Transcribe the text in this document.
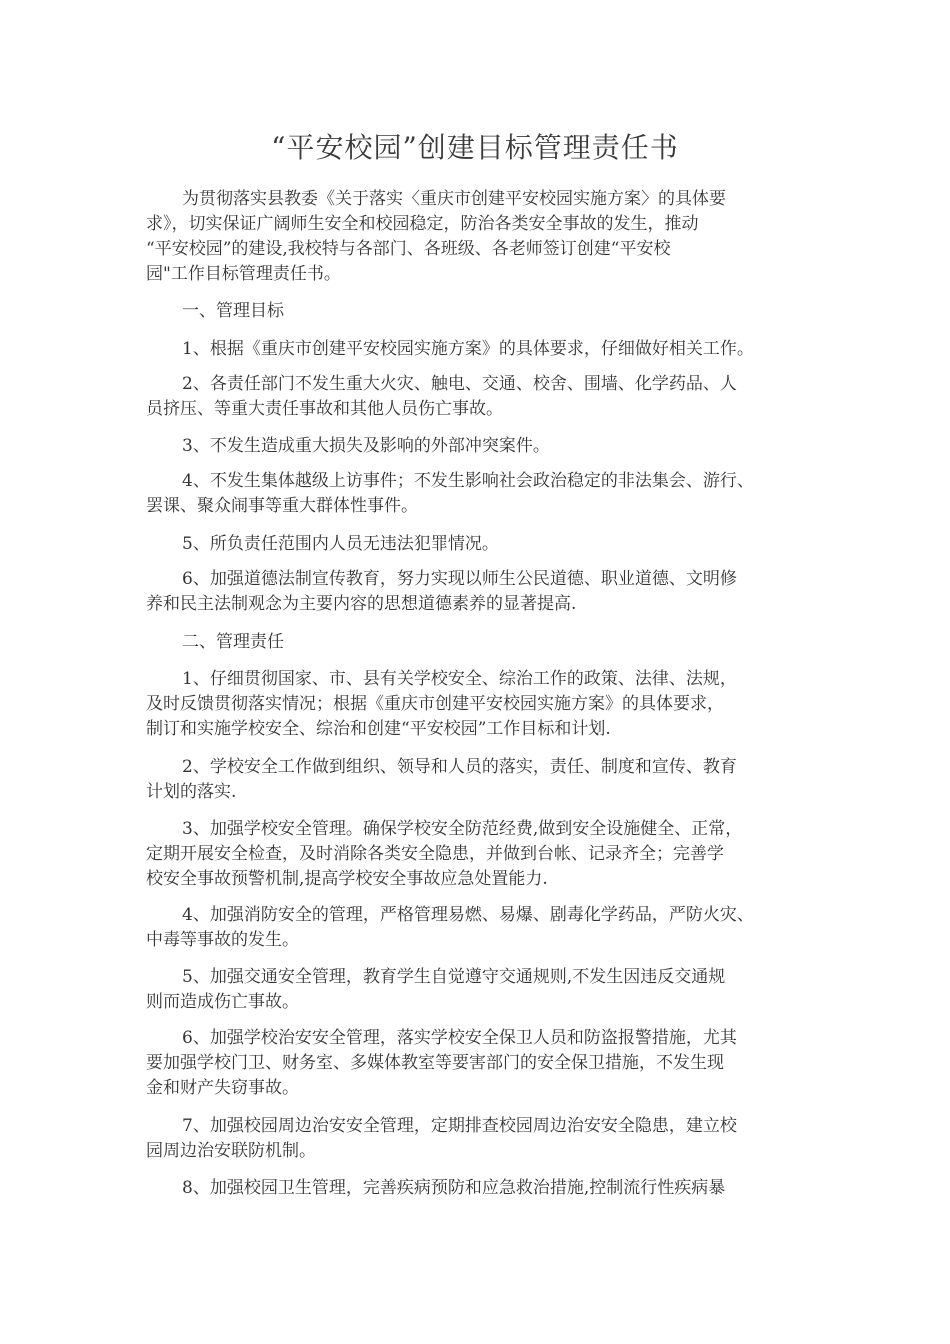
“平安校园”创建目标管理责任书
为贯彻落实县教委《关于落实〈重庆市创建平安校园实施方案〉的具体要
求》，切实保证广阔师生安全和校园稳定，防治各类安全事故的发生，推动
“平安校园”的建设,我校特与各部门、各班级、各老师签订创建“平安校
园"工作目标管理责任书。
一、管理目标
1、根据《重庆市创建平安校园实施方案》的具体要求，仔细做好相关工作。
2、各责任部门不发生重大火灾、触电、交通、校舍、围墙、化学药品、人
员挤压、等重大责任事故和其他人员伤亡事故。
3、不发生造成重大损失及影响的外部冲突案件。
4、不发生集体越级上访事件；不发生影响社会政治稳定的非法集会、游行、
罢课、聚众闹事等重大群体性事件。
5、所负责任范围内人员无违法犯罪情况。
6、加强道德法制宣传教育，努力实现以师生公民道德、职业道德、文明修
养和民主法制观念为主要内容的思想道德素养的显著提高.
二、管理责任
1、仔细贯彻国家、市、县有关学校安全、综治工作的政策、法律、法规，
及时反馈贯彻落实情况；根据《重庆市创建平安校园实施方案》的具体要求，
制订和实施学校安全、综治和创建“平安校园”工作目标和计划.
2、学校安全工作做到组织、领导和人员的落实，责任、制度和宣传、教育
计划的落实.
3、加强学校安全管理。确保学校安全防范经费,做到安全设施健全、正常，
定期开展安全检查，及时消除各类安全隐患，并做到台帐、记录齐全；完善学
校安全事故预警机制,提高学校安全事故应急处置能力.
4、加强消防安全的管理，严格管理易燃、易爆、剧毒化学药品，严防火灾、
中毒等事故的发生。
5、加强交通安全管理，教育学生自觉遵守交通规则,不发生因违反交通规
则而造成伤亡事故。
6、加强学校治安安全管理，落实学校安全保卫人员和防盗报警措施，尤其
要加强学校门卫、财务室、多媒体教室等要害部门的安全保卫措施，不发生现
金和财产失窃事故。
7、加强校园周边治安安全管理，定期排查校园周边治安安全隐患，建立校
园周边治安联防机制。
8、加强校园卫生管理，完善疾病预防和应急救治措施,控制流行性疾病暴
